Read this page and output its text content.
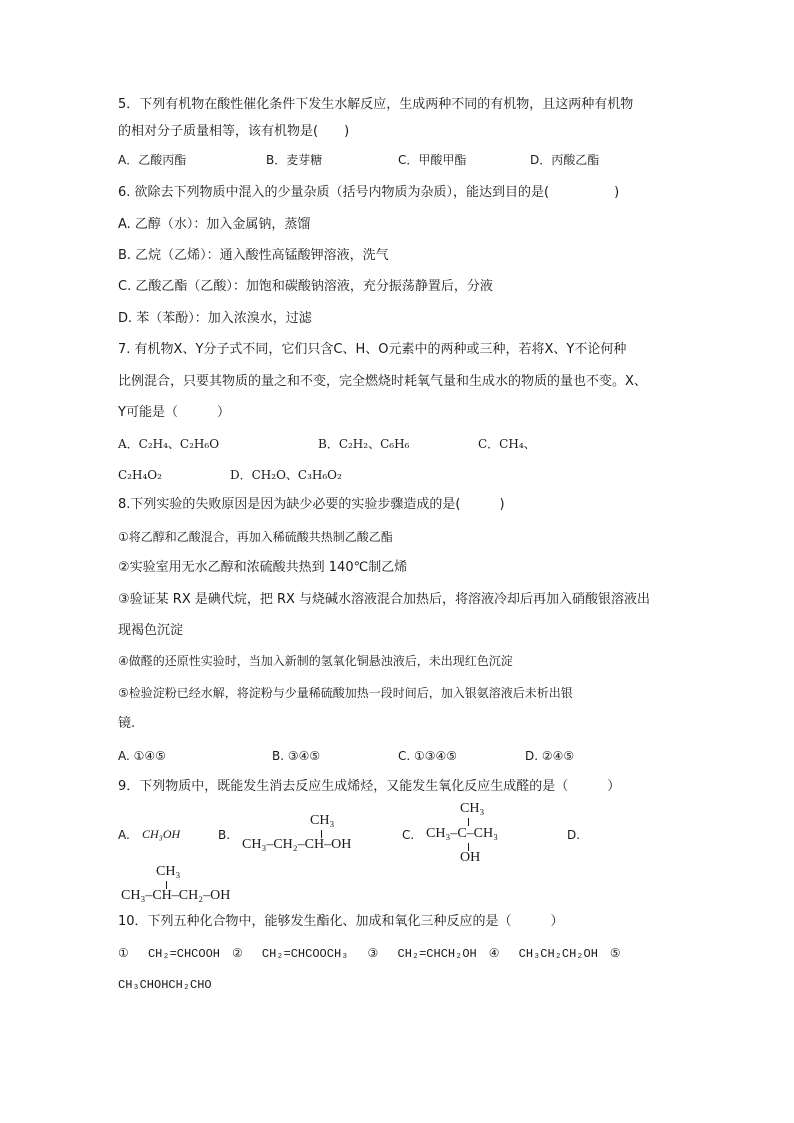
5．下列有机物在酸性催化条件下发生水解反应，生成两种不同的有机物，且这两种有机物
的相对分子质量相等，该有机物是(　　)
A．乙酸丙酯	B．麦芽糖	C．甲酸甲酯	D．丙酸乙酯
6. 欲除去下列物质中混入的少量杂质（括号内物质为杂质），能达到目的是(　　　　　)
A. 乙醇（水）：加入金属钠，蒸馏
B. 乙烷（乙烯）：通入酸性高锰酸钾溶液，洗气
C. 乙酸乙酯（乙酸）：加饱和碳酸钠溶液，充分振荡静置后，分液
D. 苯（苯酚）：加入浓溴水，过滤
7. 有机物X、Y分子式不同，它们只含C、H、O元素中的两种或三种，若将X、Y不论何种
比例混合，只要其物质的量之和不变，完全燃烧时耗氧气量和生成水的物质的量也不变。X、
Y可能是（　　　）
A．C₂H₄、C₂H₆O	B．C₂H₂、C₆H₆	C．CH₄、
C₂H₄O₂	D．CH₂O、C₃H₆O₂
8.下列实验的失败原因是因为缺少必要的实验步骤造成的是(　　　)
①将乙醇和乙酸混合，再加入稀硫酸共热制乙酸乙酯
②实验室用无水乙醇和浓硫酸共热到 140℃制乙烯
③验证某 RX 是碘代烷，把 RX 与烧碱水溶液混合加热后，将溶液冷却后再加入硝酸银溶液出
现褐色沉淀
④做醛的还原性实验时，当加入新制的氢氧化铜悬浊液后，未出现红色沉淀
⑤检验淀粉已经水解，将淀粉与少量稀硫酸加热一段时间后，加入银氨溶液后未析出银
镜.
A. ①④⑤	B. ③④⑤	C. ①③④⑤	D. ②④⑤
9．下列物质中，既能发生消去反应生成烯烃，又能发生氧化反应生成醛的是（　　　）
A. CH₃OH	B.
CH₃
CH₃–CH₂–CH–OH
C.
CH₃
CH₃–C–CH₃
OH
D.
CH₃
CH₃–CH–CH₂–OH
10．下列五种化合物中，能够发生酯化、加成和氧化三种反应的是（　　　）
①　 CH₂=CHCOOH　②　 CH₂=CHCOOCH₃　 ③　 CH₂=CHCH₂OH　④　 CH₃CH₂CH₂OH　⑤
CH₃CHOHCH₂CHO
